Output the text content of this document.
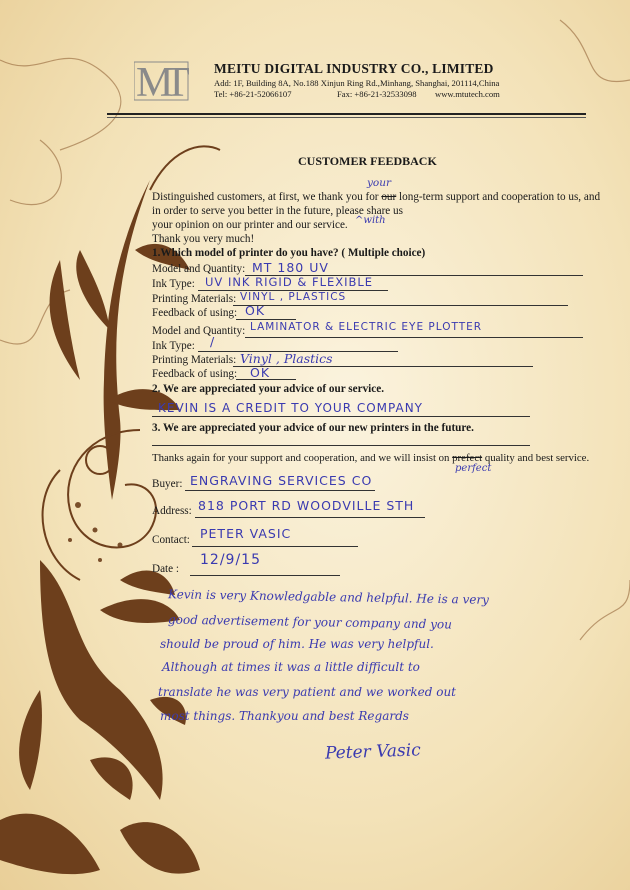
M
T MEITU DIGITAL INDUSTRY CO., LIMITED
Add: 1F, Building 8A, No.188 Xinjun Ring Rd.,Minhang, Shanghai, 201114,China
Tel: +86-21-52066107	Fax: +86-21-32533098 www.mtutech.com
CUSTOMER FEEDBACK
your
Distinguished customers, at first, we thank you for our long-term support and cooperation to us, and
in order to serve you better in the future, please share us
^with
your opinion on our printer and our service.
Thank you very much!
1.Which model of printer do you have? ( Multiple choice)
Model and Quantity: MT 180 UV
Ink Type: UV INK RIGID & FLEXIBLE
Printing Materials: VINYL , PLASTICS
Feedback of using: OK
Model and Quantity: LAMINATOR & ELECTRIC EYE PLOTTER
Ink Type: /
Printing Materials: Vinyl , Plastics
Feedback of using: OK
2. We are appreciated your advice of our service.
KEVIN IS A CREDIT TO YOUR COMPANY
3. We are appreciated your advice of our new printers in the future.
Thanks again for your support and cooperation, and we will insist on prefect quality and best service.
perfect
Buyer: ENGRAVING SERVICES CO
Address: 818 PORT RD WOODVILLE STH
Contact: PETER VASIC
Date :
12/9/15
Kevin is very Knowledgable and helpful. He is a very
good advertisement for your company and you
should be proud of him. He was very helpful.
Although at times it was a little difficult to
translate he was very patient and we worked out
most things. Thankyou and best Regards
Peter Vasic
